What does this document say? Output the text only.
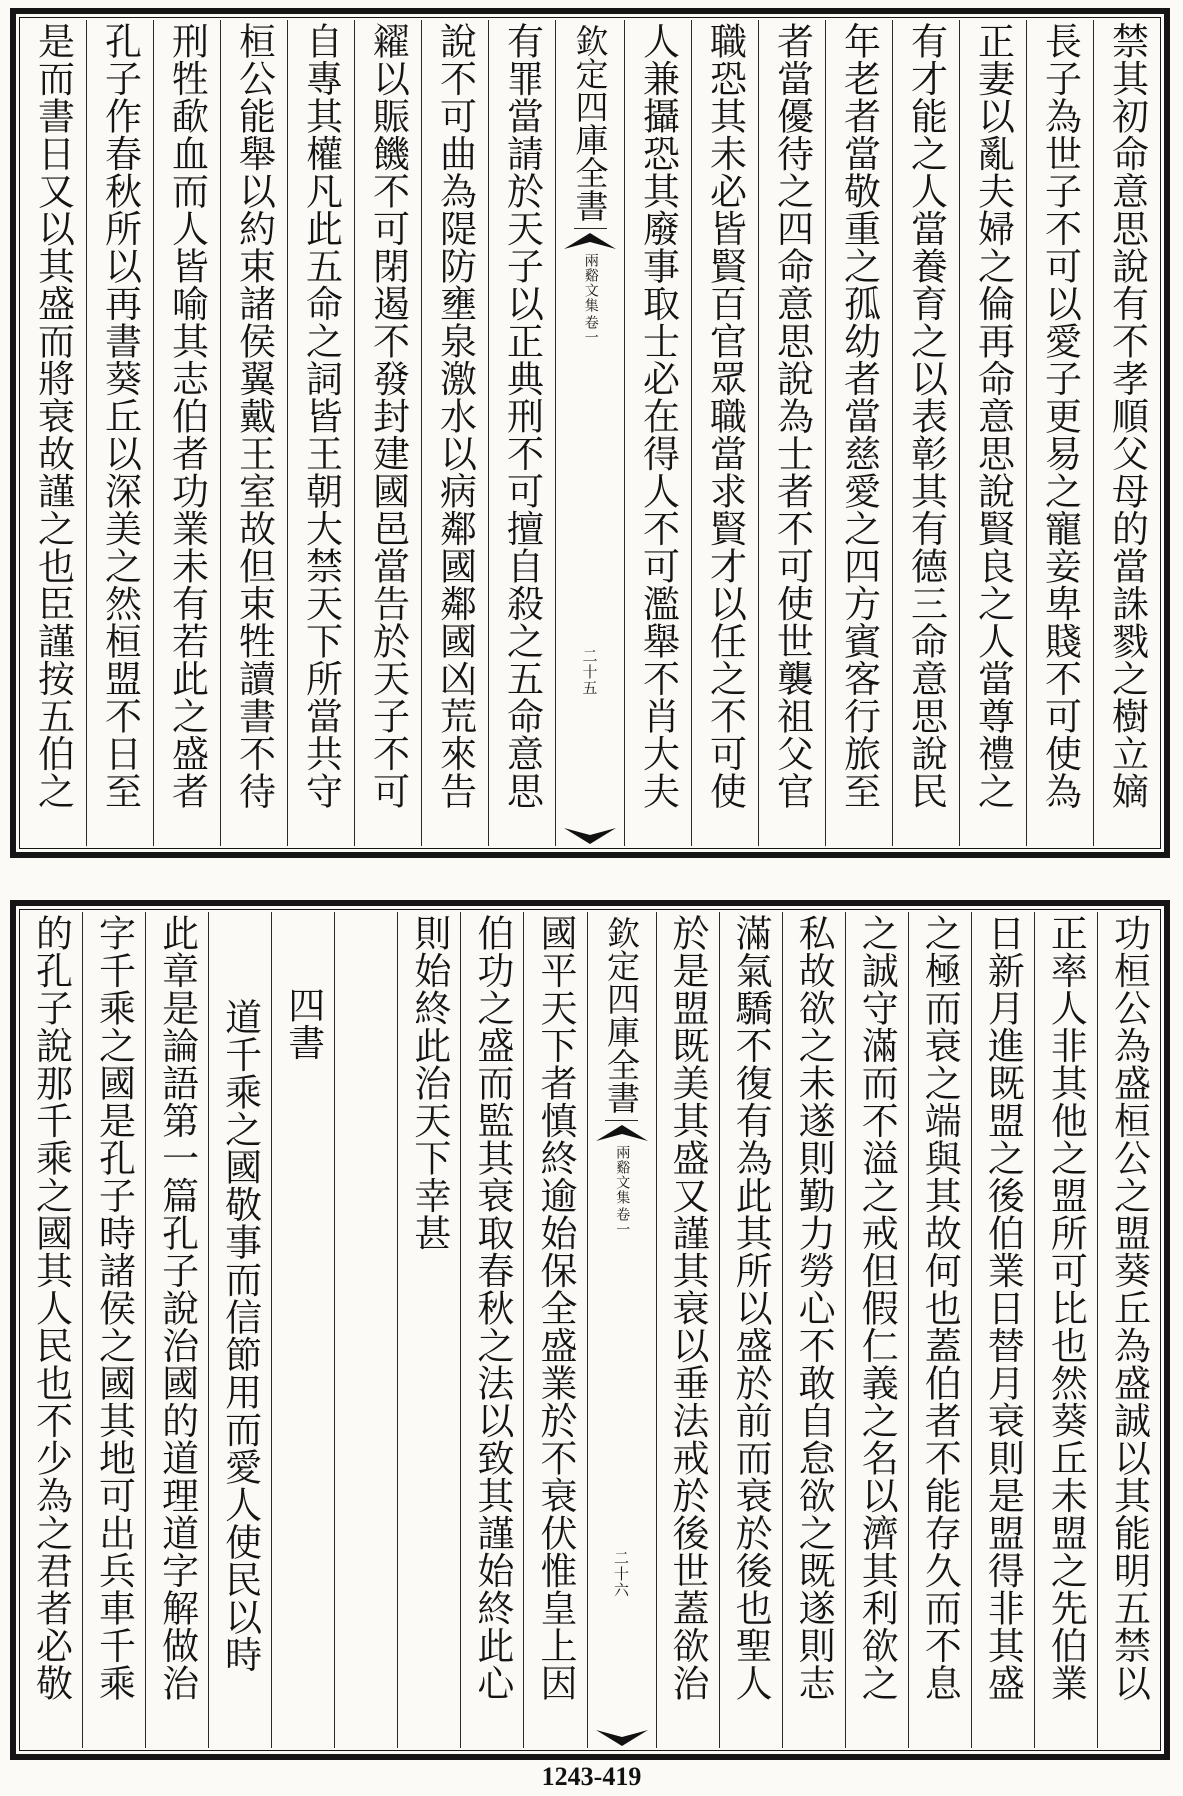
禁其初命意思說有不孝順父母的當誅戮之樹立嫡
長子為世子不可以愛子更易之寵妾卑賤不可使為
正妻以亂夫婦之倫再命意思說賢良之人當尊禮之
有才能之人當養育之以表彰其有德三命意思說民
年老者當敬重之孤幼者當慈愛之四方賓客行旅至
者當優待之四命意思說為士者不可使世襲祖父官
職恐其未必皆賢百官眾職當求賢才以任之不可使
人兼攝恐其廢事取士必在得人不可濫舉不肖大夫
欽定四庫全書
兩谿文集
卷一
二十五
有罪當請於天子以正典刑不可擅自殺之五命意思
說不可曲為隄防壅泉激水以病鄰國鄰國凶荒來告
糴以賑饑不可閉遏不發封建國邑當告於天子不可
自專其權凡此五命之詞皆王朝大禁天下所當共守
桓公能舉以約束諸侯翼戴王室故但束牲讀書不待
刑牲歃血而人皆喻其志伯者功業未有若此之盛者
孔子作春秋所以再書葵丘以深美之然桓盟不日至
是而書日又以其盛而將衰故謹之也臣謹按五伯之
功桓公為盛桓公之盟葵丘為盛誠以其能明五禁以
正率人非其他之盟所可比也然葵丘未盟之先伯業
日新月進既盟之後伯業日替月衰則是盟得非其盛
之極而衰之端與其故何也蓋伯者不能存久而不息
之誠守滿而不溢之戒但假仁義之名以濟其利欲之
私故欲之未遂則勤力勞心不敢自怠欲之既遂則志
滿氣驕不復有為此其所以盛於前而衰於後也聖人
於是盟既美其盛又謹其衰以垂法戒於後世蓋欲治
欽定四庫全書
兩谿文集
卷一
二十六
國平天下者慎終逾始保全盛業於不衰伏惟皇上因
伯功之盛而監其衰取春秋之法以致其謹始終此心
則始終此治天下幸甚
四書
道千乘之國敬事而信節用而愛人使民以時
此章是論語第一篇孔子說治國的道理道字解做治
字千乘之國是孔子時諸侯之國其地可出兵車千乘
的孔子說那千乘之國其人民也不少為之君者必敬
1243-419
